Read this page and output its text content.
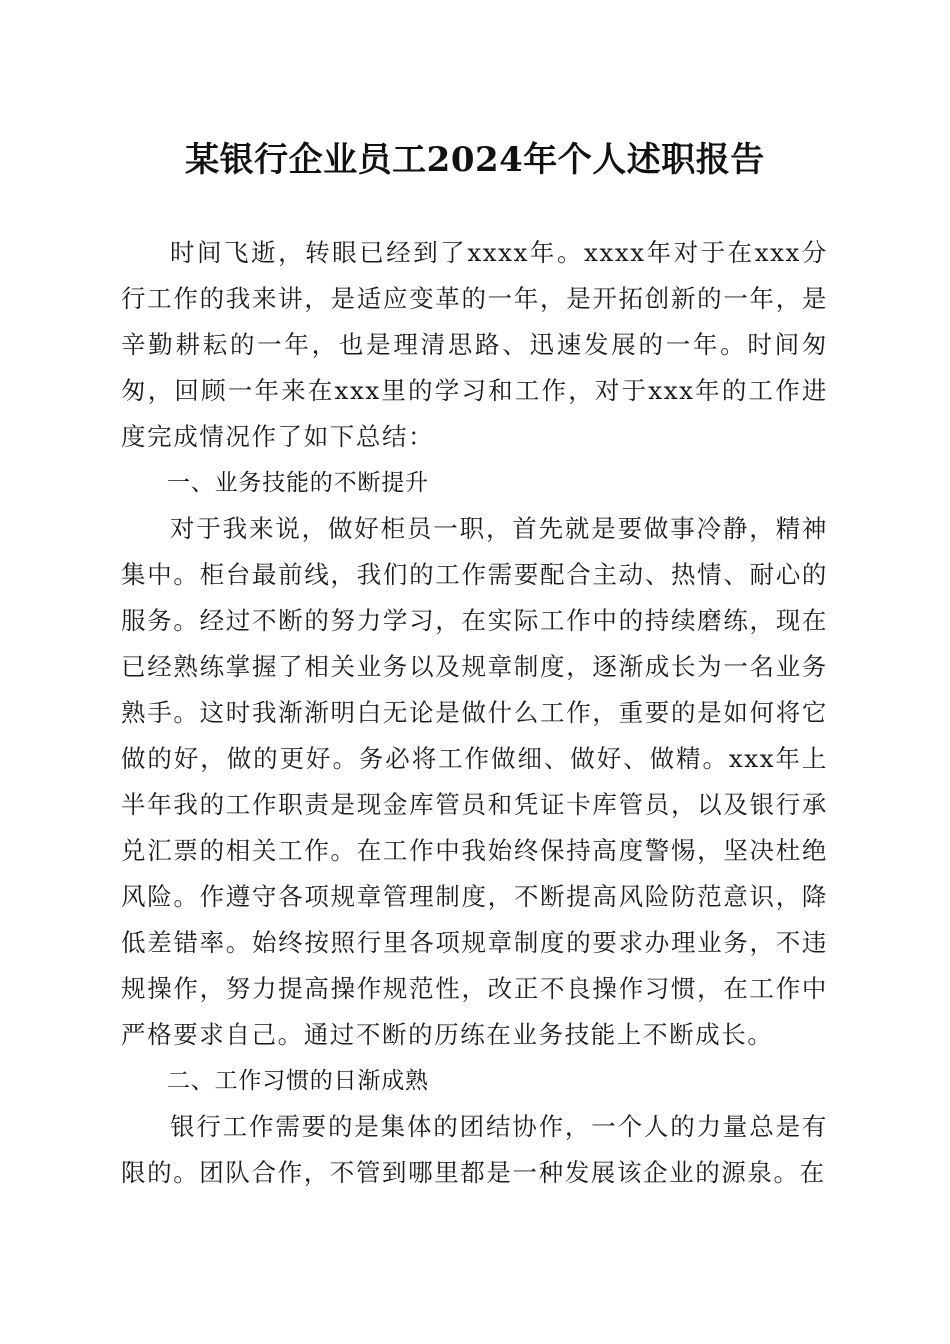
某银行企业员工2024年个人述职报告

时间飞逝，转眼已经到了xxxx年。xxxx年对于在xxx分行工作的我来讲，是适应变革的一年，是开拓创新的一年，是辛勤耕耘的一年，也是理清思路、迅速发展的一年。时间匆匆，回顾一年来在xxx里的学习和工作，对于xxx年的工作进度完成情况作了如下总结：

一、业务技能的不断提升

对于我来说，做好柜员一职，首先就是要做事冷静，精神集中。柜台最前线，我们的工作需要配合主动、热情、耐心的服务。经过不断的努力学习，在实际工作中的持续磨练，现在已经熟练掌握了相关业务以及规章制度，逐渐成长为一名业务熟手。这时我渐渐明白无论是做什么工作，重要的是如何将它做的好，做的更好。务必将工作做细、做好、做精。xxx年上半年我的工作职责是现金库管员和凭证卡库管员，以及银行承兑汇票的相关工作。在工作中我始终保持高度警惕，坚决杜绝风险。作遵守各项规章管理制度，不断提高风险防范意识，降低差错率。始终按照行里各项规章制度的要求办理业务，不违规操作，努力提高操作规范性，改正不良操作习惯，在工作中严格要求自己。通过不断的历练在业务技能上不断成长。

二、工作习惯的日渐成熟

银行工作需要的是集体的团结协作，一个人的力量总是有限的。团队合作，不管到哪里都是一种发展该企业的源泉。在
